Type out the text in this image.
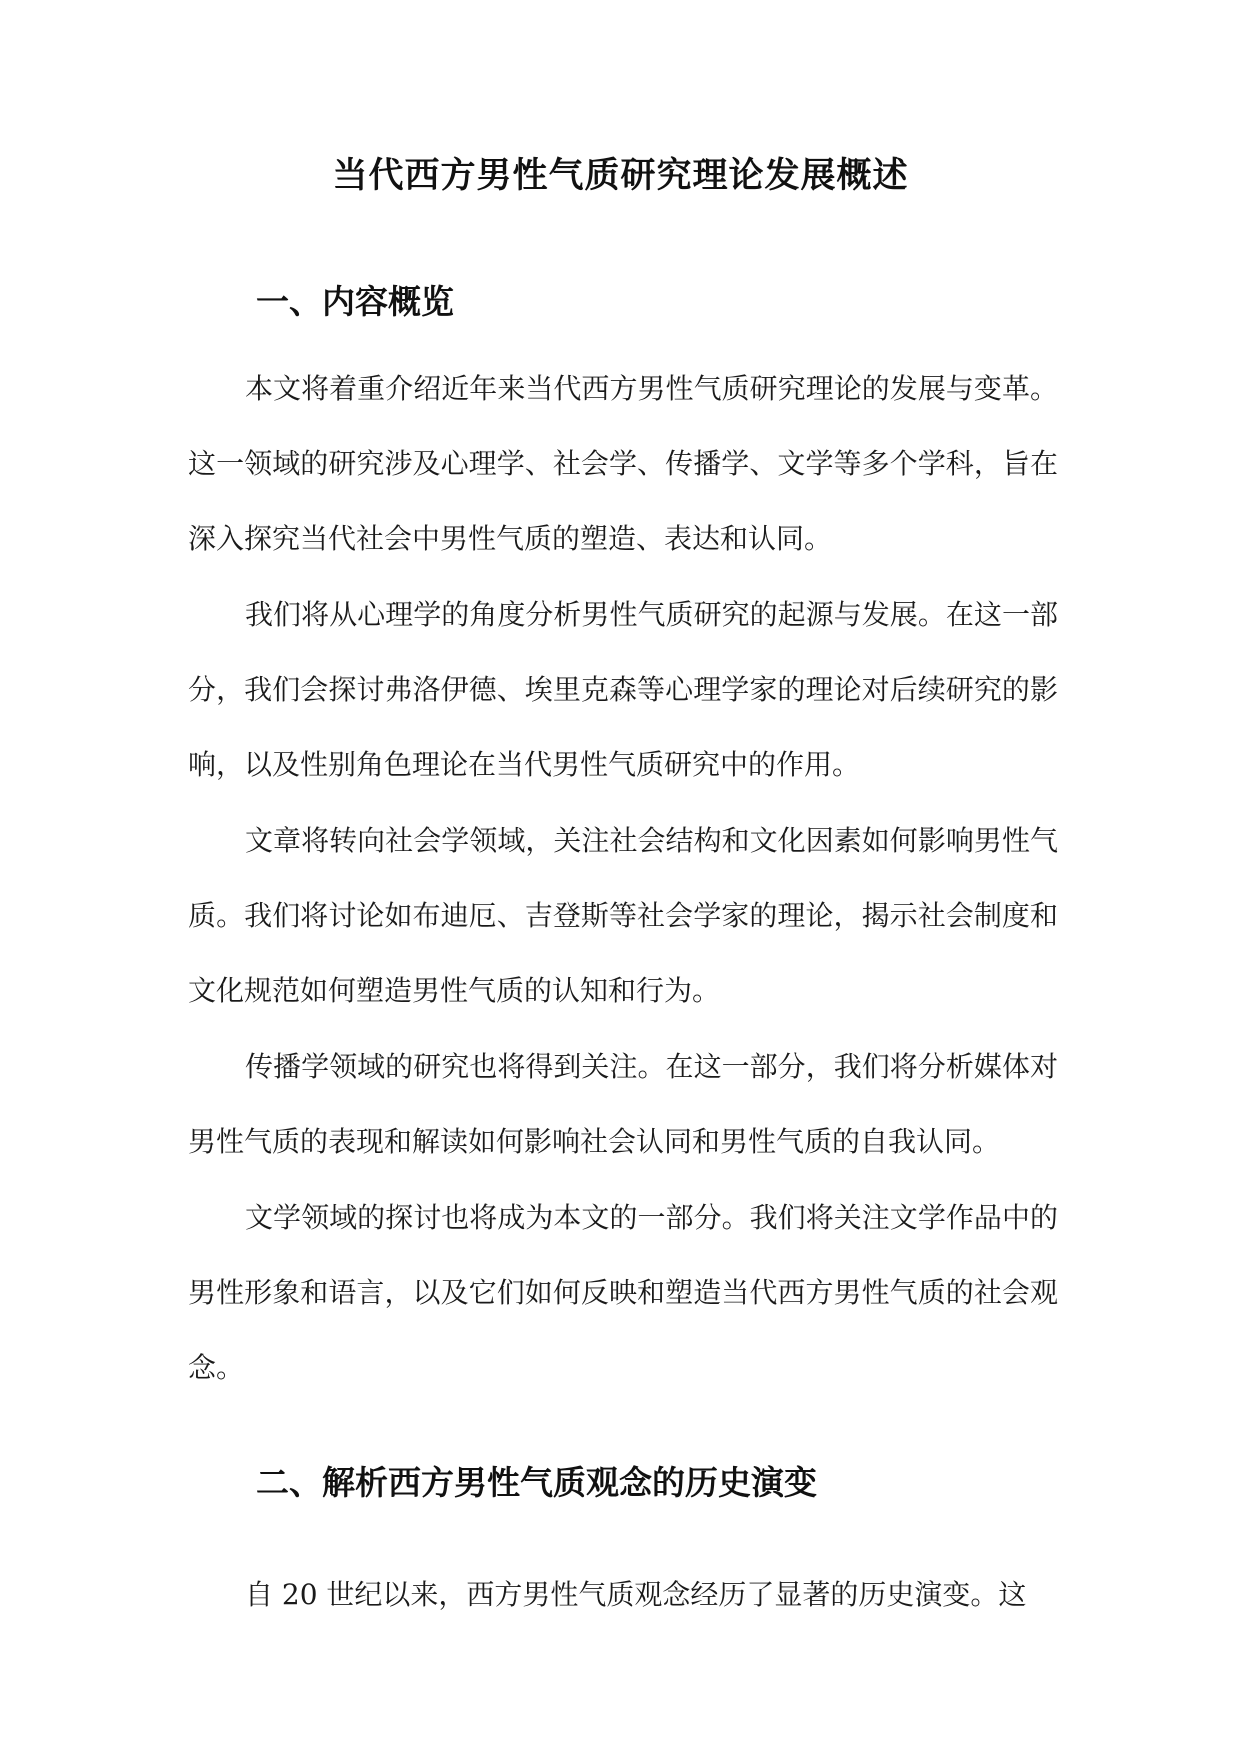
当代西方男性气质研究理论发展概述
一、内容概览
本文将着重介绍近年来当代西方男性气质研究理论的发展与变革。这一领域的研究涉及心理学、社会学、传播学、文学等多个学科，旨在深入探究当代社会中男性气质的塑造、表达和认同。
我们将从心理学的角度分析男性气质研究的起源与发展。在这一部分，我们会探讨弗洛伊德、埃里克森等心理学家的理论对后续研究的影响，以及性别角色理论在当代男性气质研究中的作用。
文章将转向社会学领域，关注社会结构和文化因素如何影响男性气质。我们将讨论如布迪厄、吉登斯等社会学家的理论，揭示社会制度和文化规范如何塑造男性气质的认知和行为。
传播学领域的研究也将得到关注。在这一部分，我们将分析媒体对男性气质的表现和解读如何影响社会认同和男性气质的自我认同。
文学领域的探讨也将成为本文的一部分。我们将关注文学作品中的男性形象和语言，以及它们如何反映和塑造当代西方男性气质的社会观念。
二、解析西方男性气质观念的历史演变
自 20 世纪以来，西方男性气质观念经历了显著的历史演变。这
